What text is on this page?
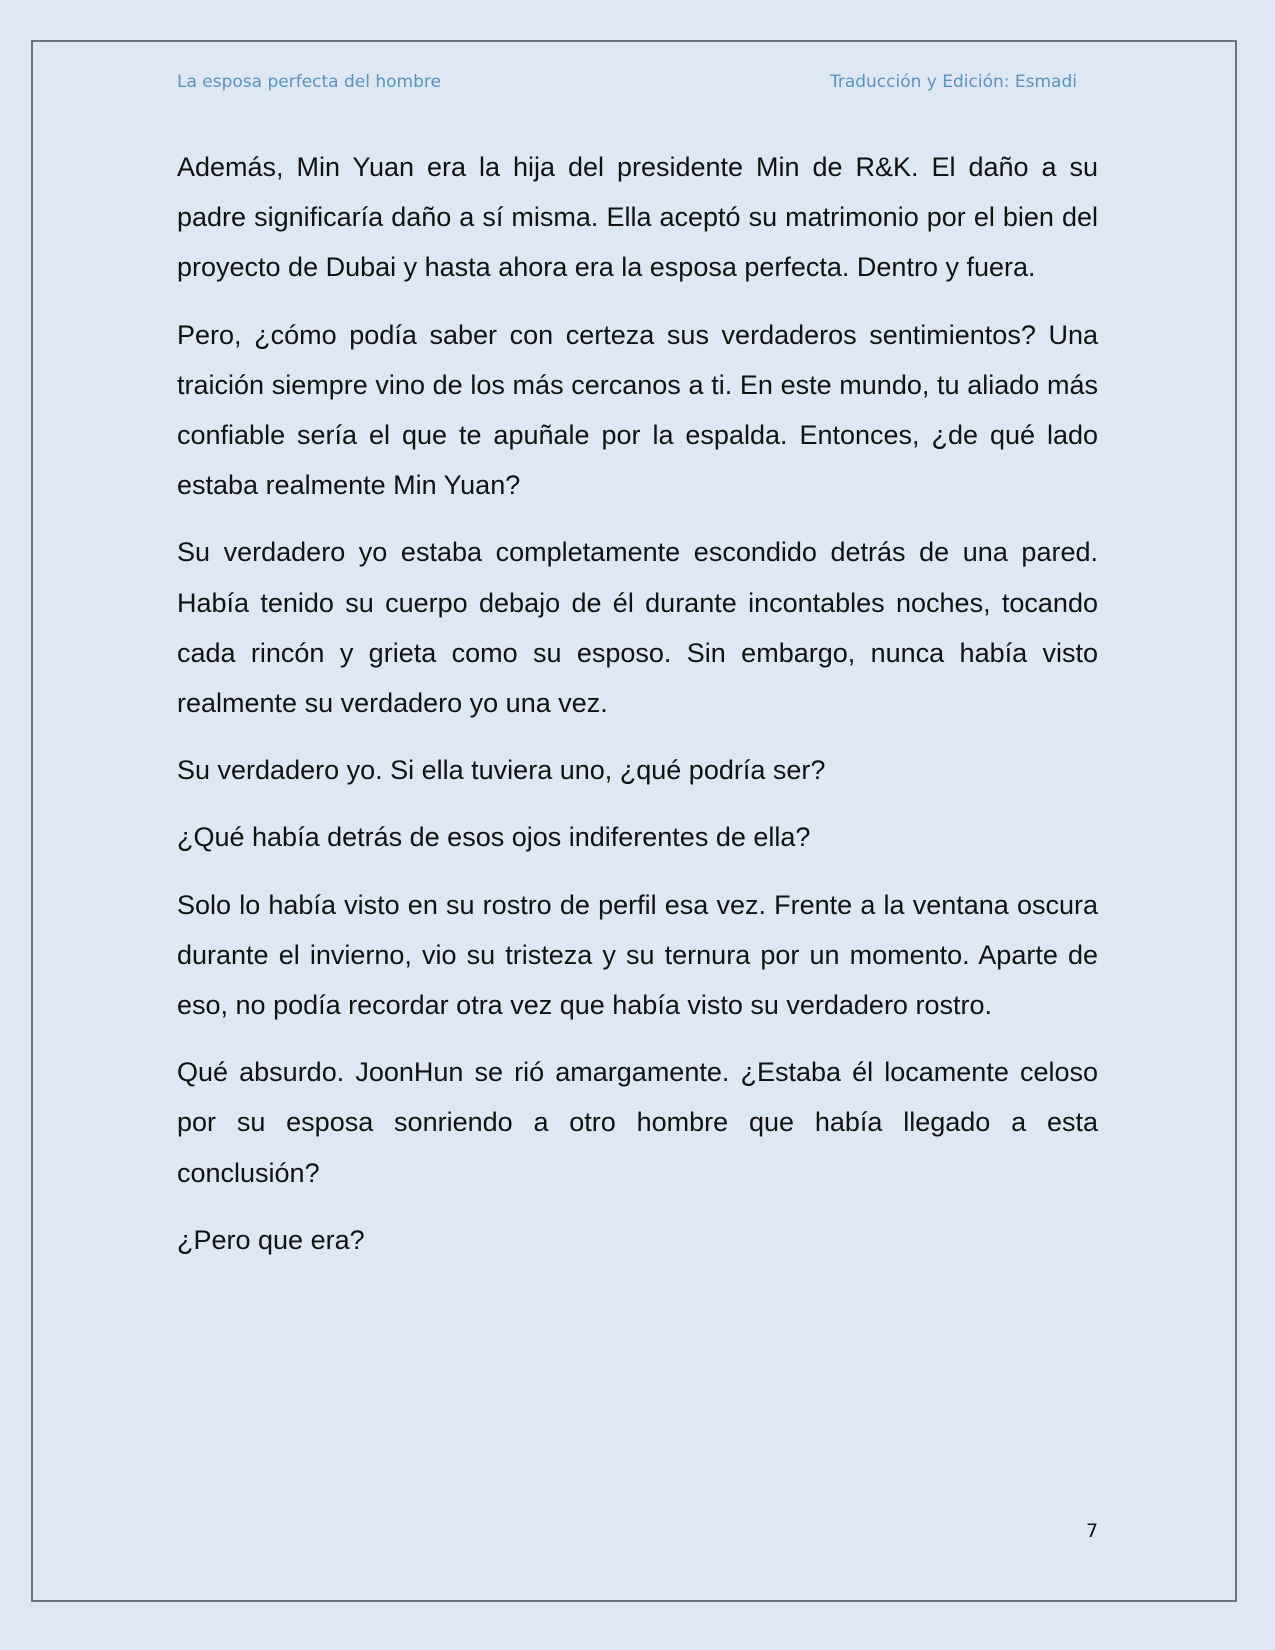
La esposa perfecta del hombre	Traducción y Edición: Esmadi

Además, Min Yuan era la hija del presidente Min de R&K. El daño a su padre significaría daño a sí misma. Ella aceptó su matrimonio por el bien del proyecto de Dubai y hasta ahora era la esposa perfecta. Dentro y fuera.

Pero, ¿cómo podía saber con certeza sus verdaderos sentimientos? Una traición siempre vino de los más cercanos a ti. En este mundo, tu aliado más confiable sería el que te apuñale por la espalda. Entonces, ¿de qué lado estaba realmente Min Yuan?

Su verdadero yo estaba completamente escondido detrás de una pared. Había tenido su cuerpo debajo de él durante incontables noches, tocando cada rincón y grieta como su esposo. Sin embargo, nunca había visto realmente su verdadero yo una vez.

Su verdadero yo. Si ella tuviera uno, ¿qué podría ser?

¿Qué había detrás de esos ojos indiferentes de ella?

Solo lo había visto en su rostro de perfil esa vez. Frente a la ventana oscura durante el invierno, vio su tristeza y su ternura por un momento. Aparte de eso, no podía recordar otra vez que había visto su verdadero rostro.

Qué absurdo. JoonHun se rió amargamente. ¿Estaba él locamente celoso por su esposa sonriendo a otro hombre que había llegado a esta conclusión?

¿Pero que era?

7
